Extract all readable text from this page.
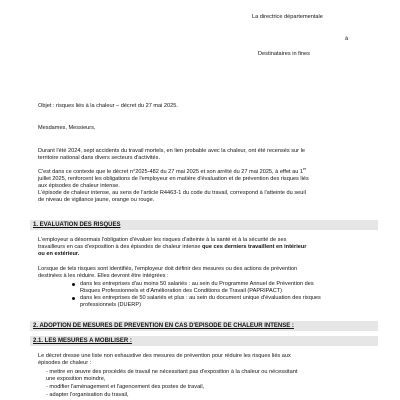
La directrice départementale
à
Destinataires in fines
Objet : risques liés à la chaleur – décret du 27 mai 2025.
Mesdames, Messieurs,
Durant l'été 2024, sept accidents du travail mortels, en lien probable avec la chaleur, ont été recensés sur le
territoire national dans divers secteurs d'activités.
C'est dans ce contexte que le décret n°2025-482 du 27 mai 2025 et son arrêté du 27 mai 2025, à effet au 1er
juillet 2025, renforcent les obligations de l'employeur en matière d'évaluation et de prévention des risques liés
aux épisodes de chaleur intense.
L'épisode de chaleur intense, au sens de l'article R4463-1 du code du travail, correspond à l'atteinte du seuil
de niveau de vigilance jaune, orange ou rouge.
1. EVALUATION DES RISQUES
L'employeur a désormais l'obligation d'évaluer les risques d'atteinte à la santé et à la sécurité de ses
travailleurs en cas d'exposition à des épisodes de chaleur intense que ces derniers travaillent en intérieur
ou en extérieur.
Lorsque de tels risques sont identifiés, l'employeur doit définir des mesures ou des actions de prévention
destinées à les réduire. Elles devront être intégrées :
dans les entreprises d'au moins 50 salariés : au sein du Programme Annuel de Prévention des
Risques Professionnels et d'Amélioration des Conditions de Travail (PAPRIPACT)
dans les entreprises de 50 salariés et plus : au sein du document unique d'évaluation des risques
professionnels (DUERP)
2. ADOPTION DE MESURES DE PREVENTION EN CAS D'EPISODE DE CHALEUR INTENSE :
2.1. LES MESURES A MOBILISER :
Le décret dresse une liste non exhaustive des mesures de prévention pour réduire les risques liés aux
épisodes de chaleur :
- mettre en œuvre des procédés de travail ne nécessitant pas d'exposition à la chaleur ou nécessitant
une exposition moindre,
- modifier l'aménagement et l'agencement des postes de travail,
- adapter l'organisation du travail,
